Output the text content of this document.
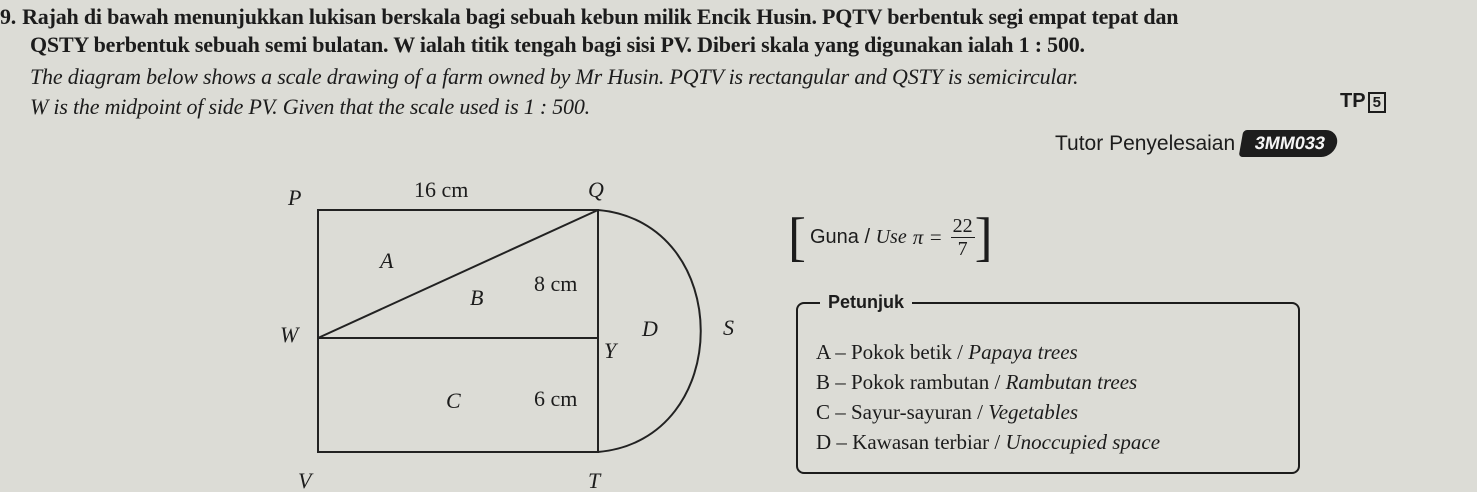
9. Rajah di bawah menunjukkan lukisan berskala bagi sebuah kebun milik Encik Husin. PQTV berbentuk segi empat tepat dan
QSTY berbentuk sebuah semi bulatan. W ialah titik tengah bagi sisi PV. Diberi skala yang digunakan ialah 1 : 500.
The diagram below shows a scale drawing of a farm owned by Mr Husin. PQTV is rectangular and QSTY is semicircular.
W is the midpoint of side PV. Given that the scale used is 1 : 500.	TP 5
Tutor Penyelesaian	3MM033
P	Q
W
V	T
S
Y
A
B
C
D
16 cm
8 cm
6 cm
[ Guna / Use $\pi = \frac{22}{7}$ ]
Petunjuk
A – Pokok betik / Papaya trees
B – Pokok rambutan / Rambutan trees
C – Sayur-sayuran / Vegetables
D – Kawasan terbiar / Unoccupied space
